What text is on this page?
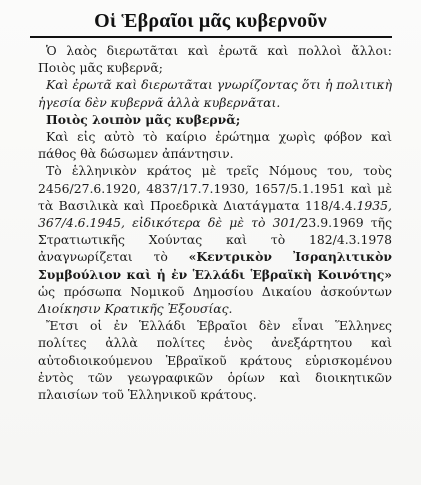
Οἱ Ἑβραῖοι μᾶς κυβερνοῦν

Ὁ λαὸς διερωτᾶται καὶ ἐρωτᾶ καὶ πολλοὶ ἄλλοι: Ποιὸς μᾶς κυβερνᾶ;

Καὶ ἐρωτᾶ καὶ διερωτᾶται γνωρίζοντας ὅτι ἡ πολιτικὴ ἡγεσία δὲν κυβερνᾶ ἀλλὰ κυβερνᾶται.

Ποιὸς λοιπὸν μᾶς κυβερνᾶ;

Καὶ εἰς αὐτὸ τὸ καίριο ἐρώτημα χωρὶς φόβον καὶ πάθος θὰ δώσωμεν ἀπάντησιν.

Τὸ ἑλληνικὸν κράτος μὲ τρεῖς Νόμους του, τοὺς 2456/27.6.1920, 4837/17.7.1930, 1657/5.1.1951 καὶ μὲ τὰ Βασιλικὰ καὶ Προεδρικὰ Διατάγματα 118/4.4.1935, 367/4.6.1945, εἰδικότερα δὲ μὲ τὸ 301/23.9.1969 τῆς Στρατιωτικῆς Χούντας καὶ τὸ 182/4.3.1978 ἀναγνωρίζεται τὸ «Κεντρικὸν Ἰσραηλιτικὸν Συμβούλιον καὶ ἡ ἐν Ἑλλάδι Ἑβραϊκὴ Κοινότης» ὡς πρόσωπα Νομικοῦ Δημοσίου Δικαίου ἀσκούντων Διοίκησιν Κρατικῆς Ἐξουσίας.

Ἔτσι οἱ ἐν Ἑλλάδι Ἑβραῖοι δὲν εἶναι Ἕλληνες πολίτες ἀλλὰ πολίτες ἑνὸς ἀνεξάρτητου καὶ αὐτοδιοικούμενου Ἑβραϊκοῦ κράτους εὑρισκομένου ἐντὸς τῶν γεωγραφικῶν ὁρίων καὶ διοικητικῶν πλαισίων τοῦ Ἑλληνικοῦ κράτους.
